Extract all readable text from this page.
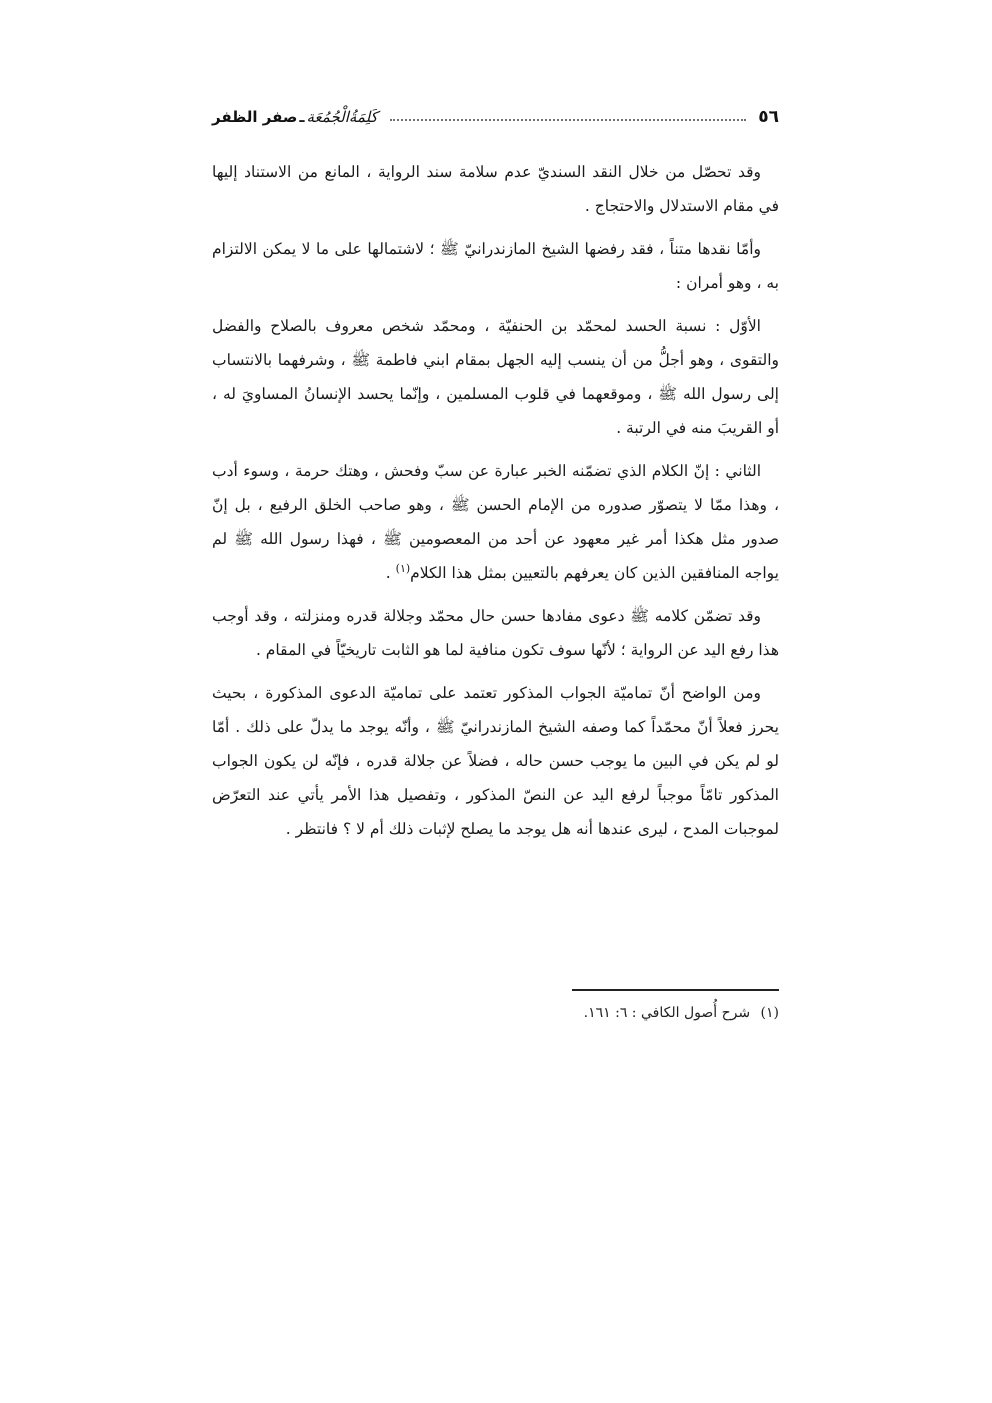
٥٦
كَلِمَةُالْجُمُعَة
ـ
صفر الظفر

وقد تحصّل من خلال النقد السنديّ عدم سلامة سند الرواية ، المانع من الاستناد إليها في مقام الاستدلال والاحتجاج .

وأمّا نقدها متناً ، فقد رفضها الشيخ المازندرانيّ ﷺ ؛ لاشتمالها على ما لا يمكن الالتزام به ، وهو أمران :

الأوّل : نسبة الحسد لمحمّد بن الحنفيّة ، ومحمّد شخص معروف بالصلاح والفضل والتقوى ، وهو أجلُّ من أن ينسب إليه الجهل بمقام ابني فاطمة ﷺ ، وشرفهما بالانتساب إلى رسول الله ﷺ ، وموقعهما في قلوب المسلمين ، وإنّما يحسد الإنسانُ المساويَ له ، أو القريبَ منه في الرتبة .

الثاني : إنّ الكلام الذي تضمّنه الخبر عبارة عن سبّ وفحش ، وهتك حرمة ، وسوء أدب ، وهذا ممّا لا يتصوّر صدوره من الإمام الحسن ﷺ ، وهو صاحب الخلق الرفيع ، بل إنّ صدور مثل هكذا أمر غير معهود عن أحد من المعصومين ﷺ ، فهذا رسول الله ﷺ لم يواجه المنافقين الذين كان يعرفهم بالتعيين بمثل هذا الكلام$^{(١)}$ .

وقد تضمّن كلامه ﷺ دعوى مفادها حسن حال محمّد وجلالة قدره ومنزلته ، وقد أوجب هذا رفع اليد عن الرواية ؛ لأنّها سوف تكون منافية لما هو الثابت تاريخيّاً في المقام .

ومن الواضح أنّ تماميّة الجواب المذكور تعتمد على تماميّة الدعوى المذكورة ، بحيث يحرز فعلاً أنّ محمّداً كما وصفه الشيخ المازندرانيّ ﷺ ، وأنّه يوجد ما يدلّ على ذلك . أمّا لو لم يكن في البين ما يوجب حسن حاله ، فضلاً عن جلالة قدره ، فإنّه لن يكون الجواب المذكور تامّاً موجباً لرفع اليد عن النصّ المذكور ، وتفصيل هذا الأمر يأتي عند التعرّض لموجبات المدح ، ليرى عندها أنه هل يوجد ما يصلح لإثبات ذلك أم لا ؟ فانتظر .

(١) شرح أُصول الكافي : ٦: ١٦١.
